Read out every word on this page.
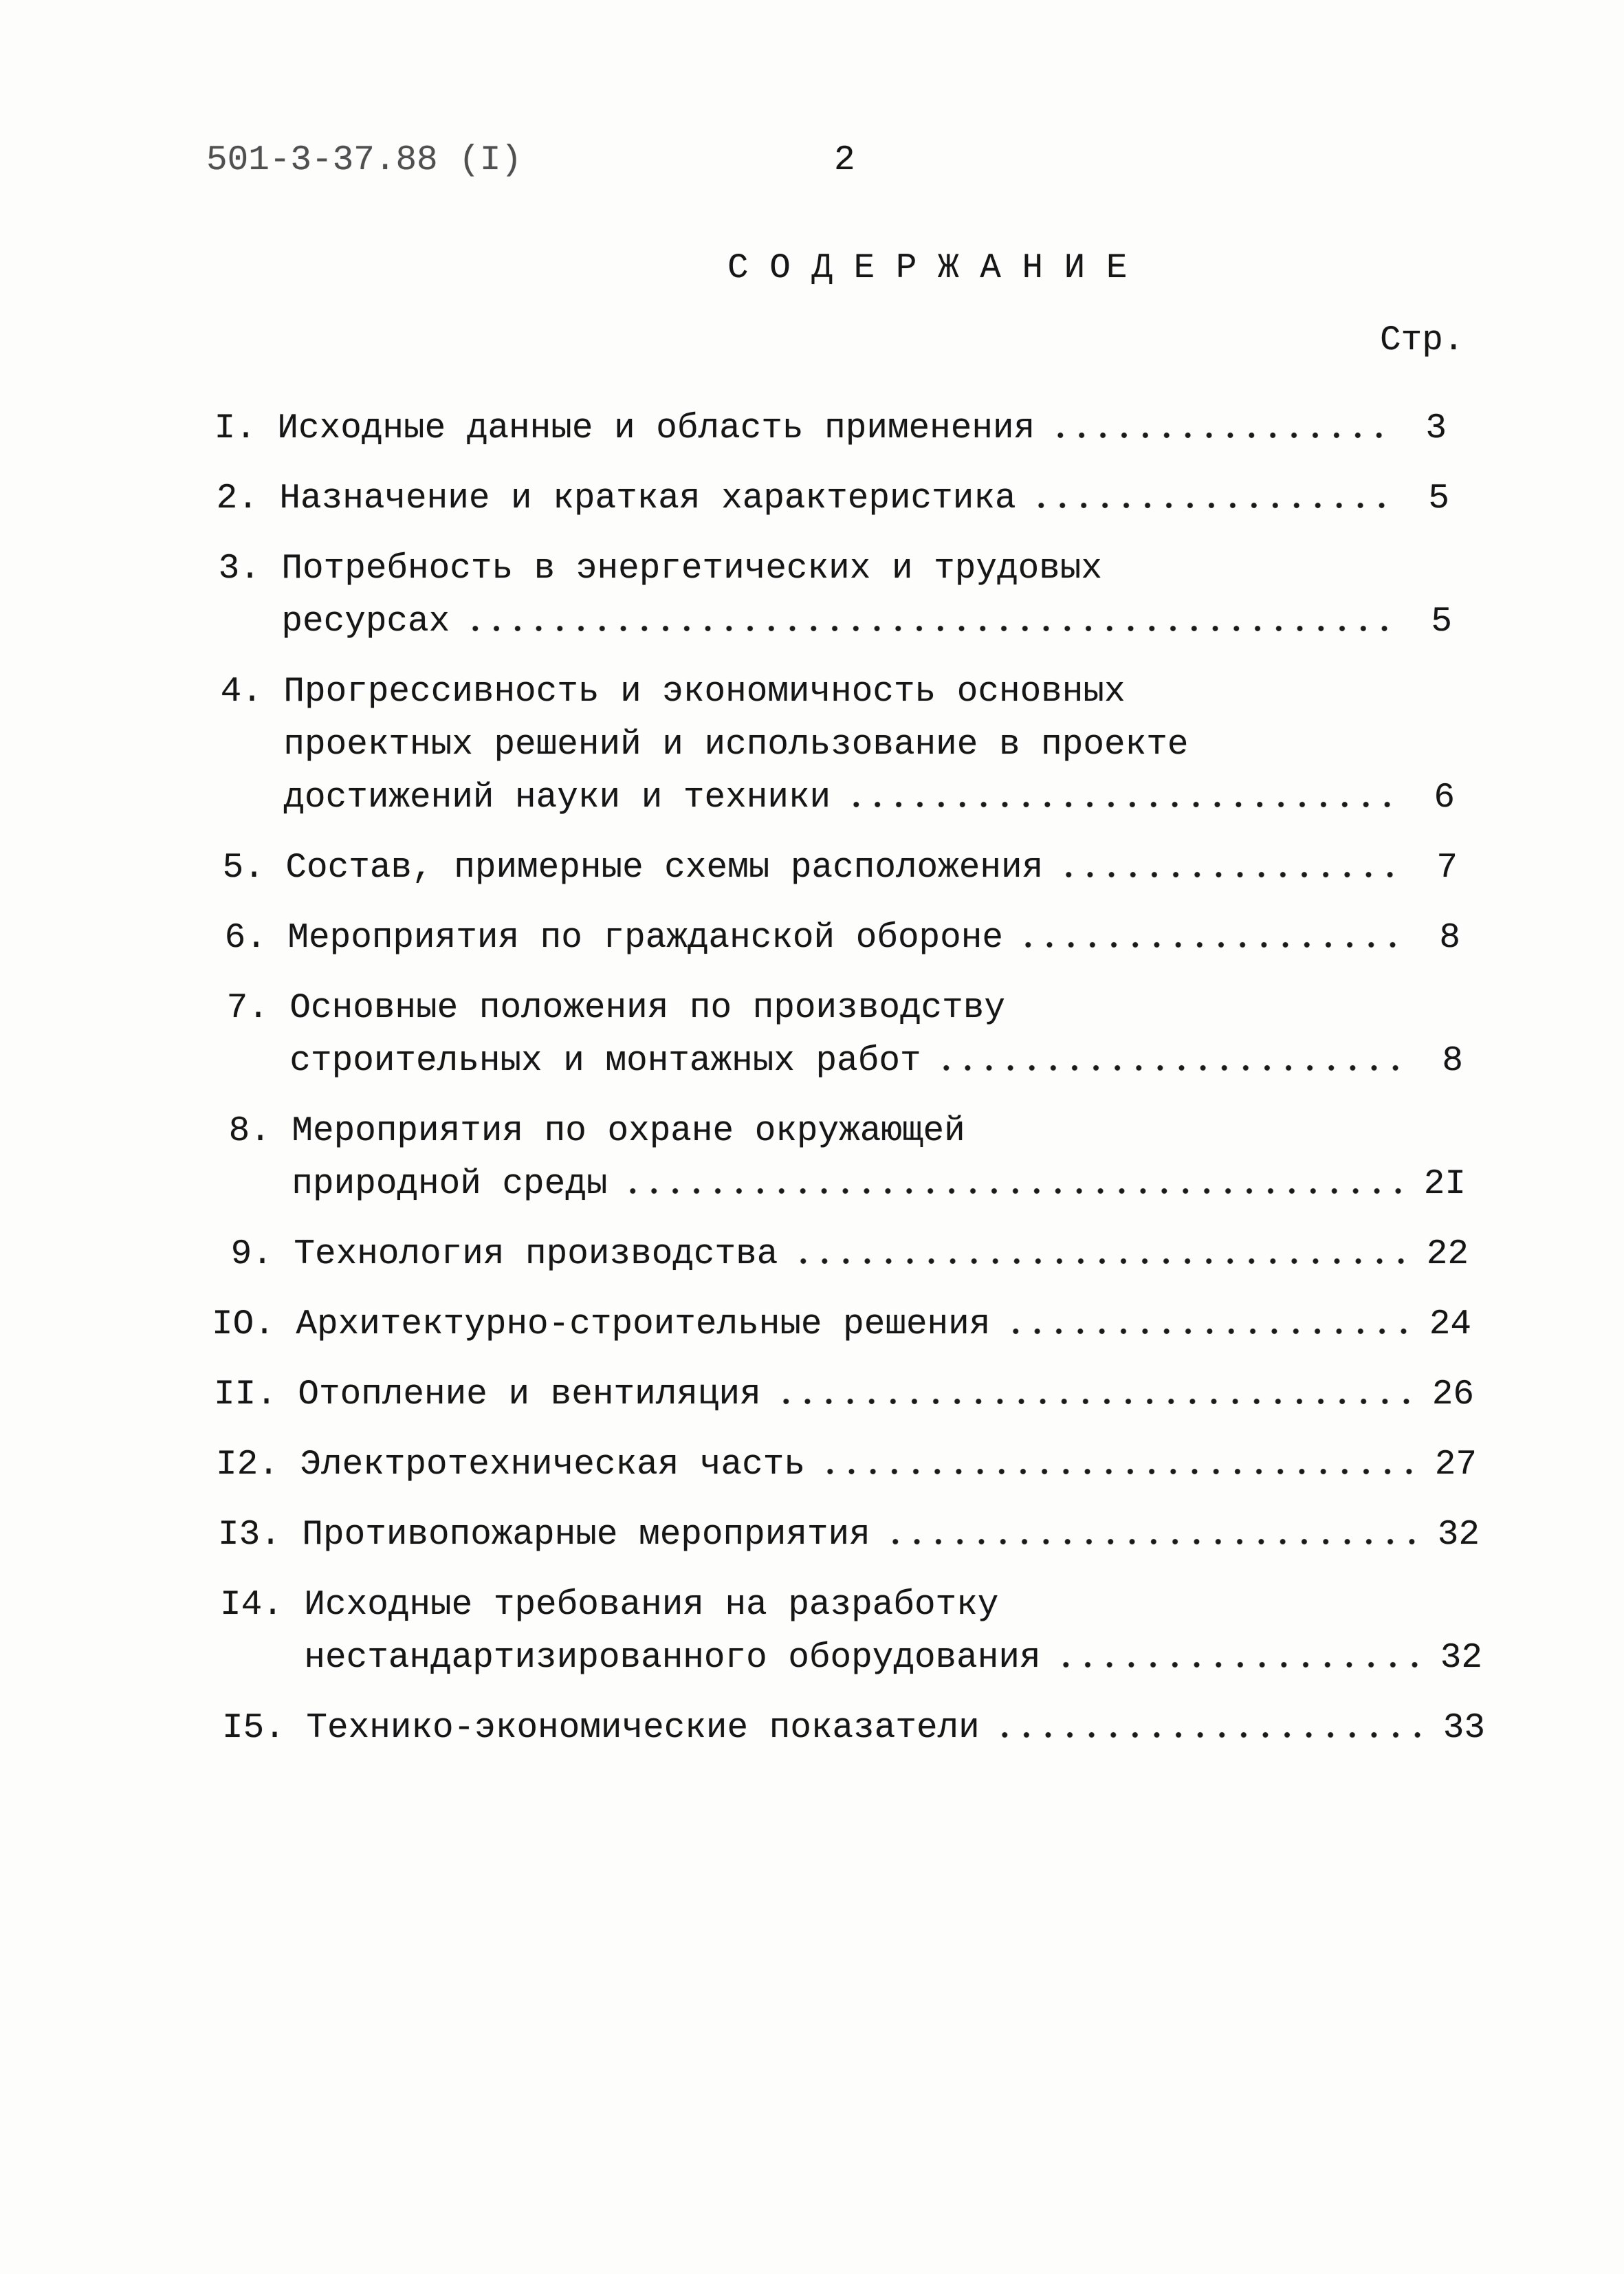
501-3-37.88 (I)	2
С О Д Е Р Ж А Н И Е
Стр.
I. Исходные данные и область применения	3
2. Назначение и краткая характеристика	5
3. Потребность в энергетических и трудовых
ресурсах	5
4. Прогрессивность и экономичность основных
проектных решений и использование в проекте
достижений науки и техники	6
5. Состав, примерные схемы расположения	7
6. Мероприятия по гражданской обороне	8
7. Основные положения по производству
строительных и монтажных работ	8
8. Мероприятия по охране окружающей
природной среды	2I
9. Технология производства	22
IO. Архитектурно-строительные решения	24
II. Отопление и вентиляция	26
I2. Электротехническая часть	27
I3. Противопожарные мероприятия	32
I4. Исходные требования на разработку
нестандартизированного оборудования	32
I5. Технико-экономические показатели	33
